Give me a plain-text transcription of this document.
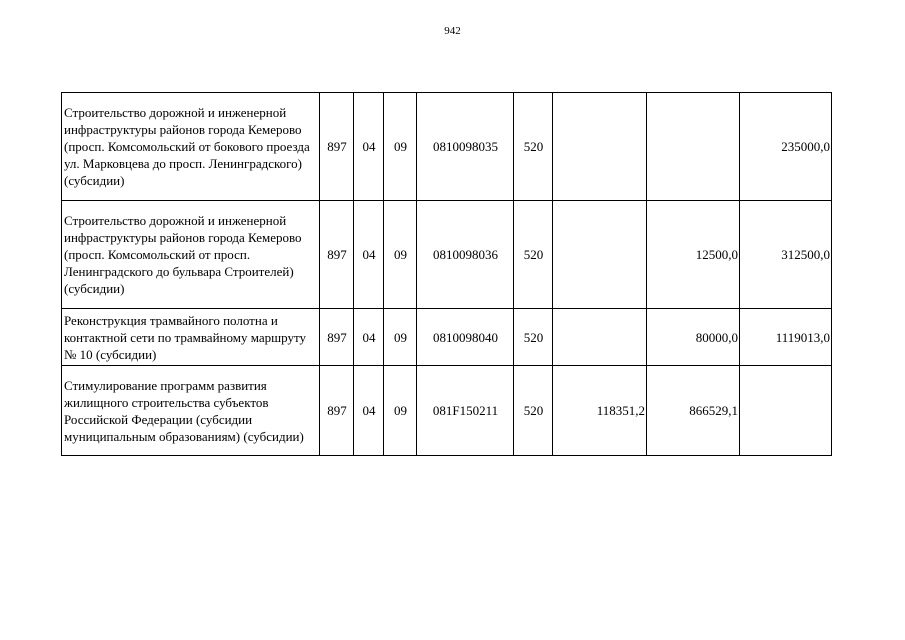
942
Строительство дорожной и инженерной инфраструктуры районов города Кемерово (просп. Комсомольский от бокового проезда ул. Марковцева до просп. Ленинградского) (субсидии)	897	04	09	0810098035	520			235000,0
Строительство дорожной и инженерной инфраструктуры районов города Кемерово (просп. Комсомольский от просп. Ленинградского до бульвара Строителей) (субсидии)	897	04	09	0810098036	520		12500,0	312500,0
Реконструкция трамвайного полотна и контактной сети по трамвайному маршруту № 10 (субсидии)	897	04	09	0810098040	520		80000,0	1119013,0
Стимулирование программ развития жилищного строительства субъектов Российской Федерации (субсидии муниципальным образованиям) (субсидии)	897	04	09	081F150211	520	118351,2	866529,1	
